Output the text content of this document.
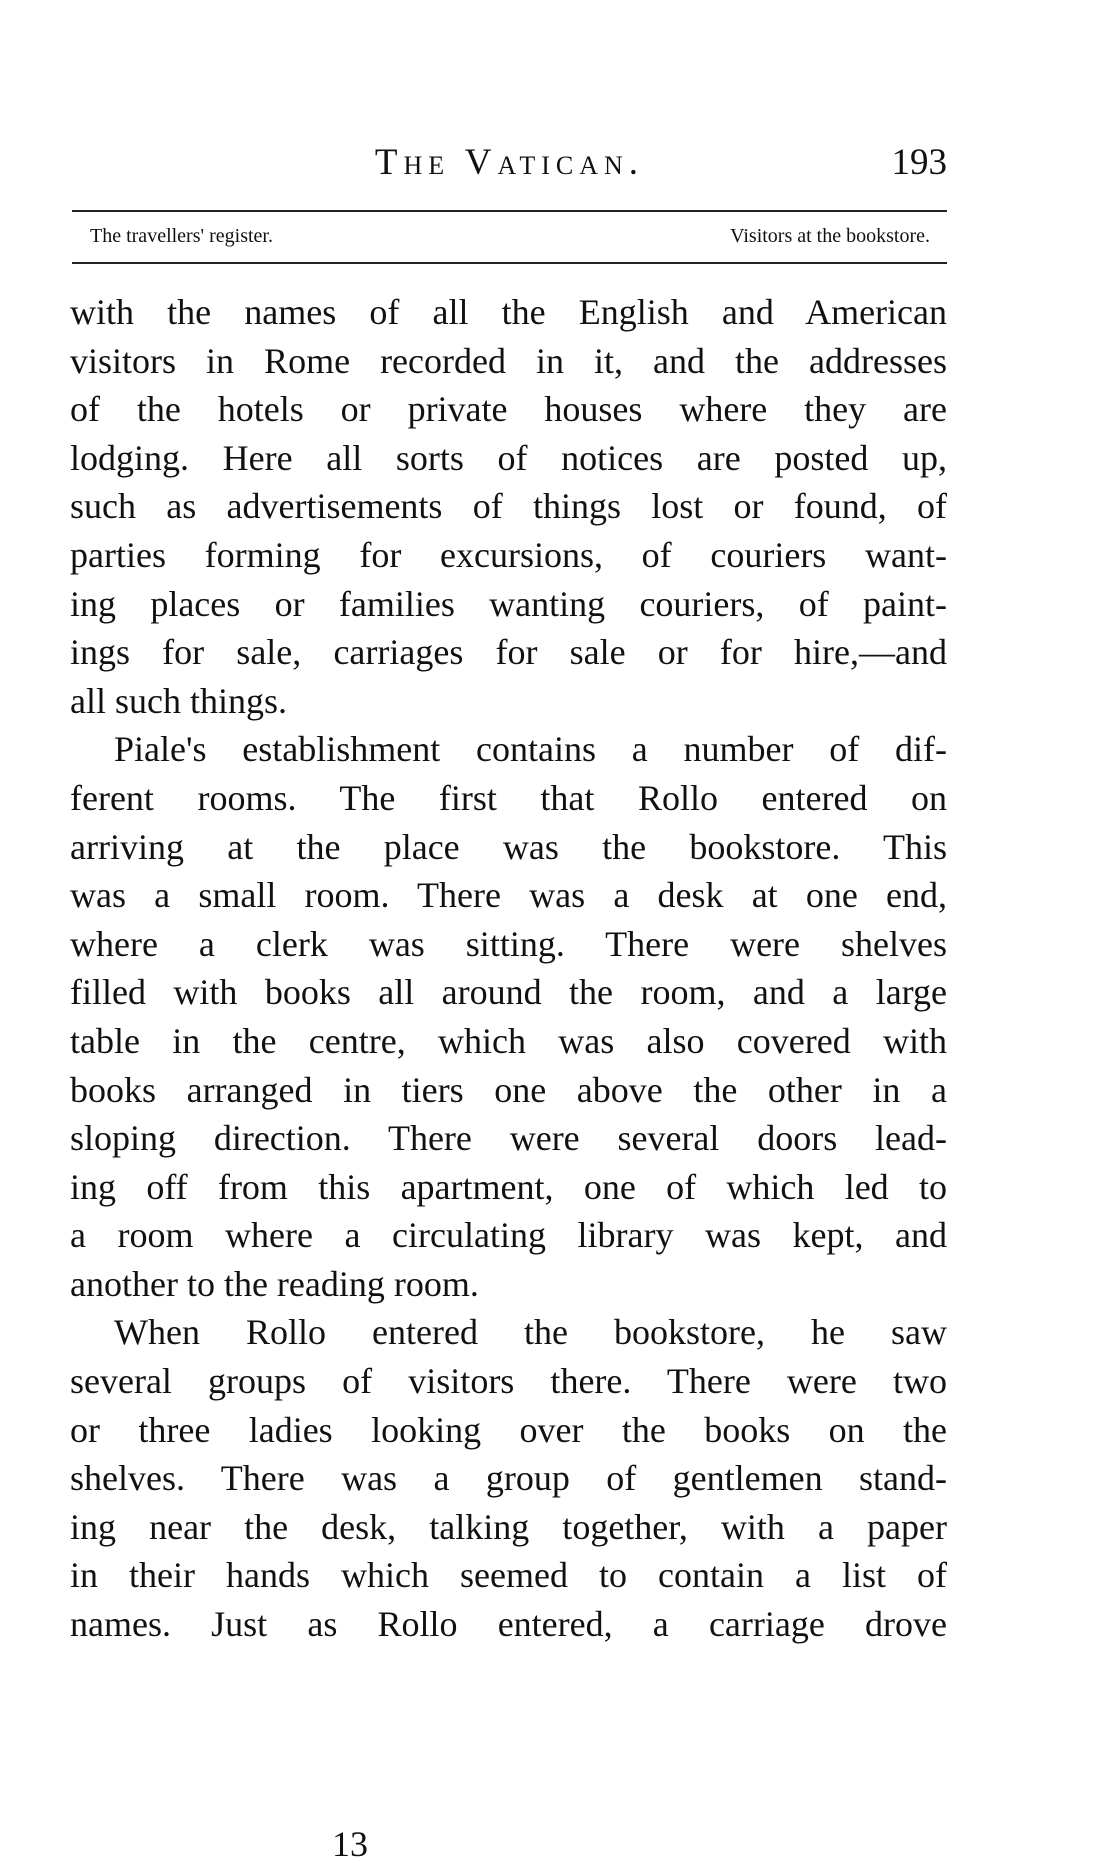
The Vatican.	193
The travellers' register.	Visitors at the bookstore.
with the names of all the English and American
visitors in Rome recorded in it, and the addresses
of the hotels or private houses where they are
lodging. Here all sorts of notices are posted up,
such as advertisements of things lost or found, of
parties forming for excursions, of couriers want-
ing places or families wanting couriers, of paint-
ings for sale, carriages for sale or for hire,—and
all such things.
Piale's establishment contains a number of dif-
ferent rooms. The first that Rollo entered on
arriving at the place was the bookstore. This
was a small room. There was a desk at one end,
where a clerk was sitting. There were shelves
filled with books all around the room, and a large
table in the centre, which was also covered with
books arranged in tiers one above the other in a
sloping direction. There were several doors lead-
ing off from this apartment, one of which led to
a room where a circulating library was kept, and
another to the reading room.
When Rollo entered the bookstore, he saw
several groups of visitors there. There were two
or three ladies looking over the books on the
shelves. There was a group of gentlemen stand-
ing near the desk, talking together, with a paper
in their hands which seemed to contain a list of
names. Just as Rollo entered, a carriage drove
13
